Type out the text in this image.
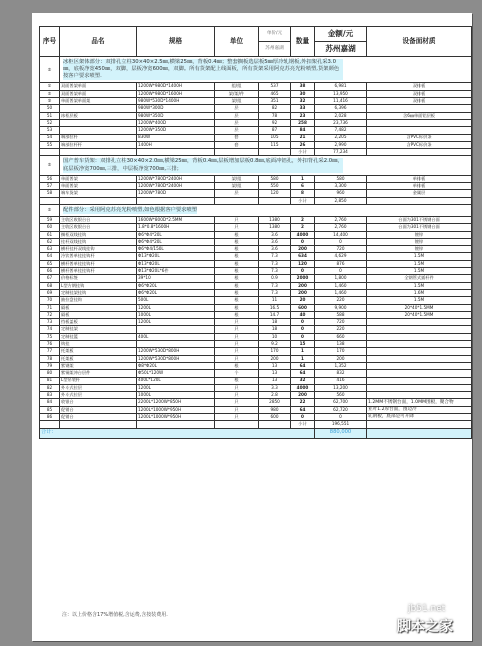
序号	品名	规格	单位	单价/元	数量	金额/元	设备面材质
				苏州嘉湖		苏州嘉湖	
②	冰柜区架体部分：双排孔立柱30×40×2.5㎜,横梁25㎜，背板0.4㎜；整套搁板选层板5㎜厚冷轧钢板,外扣架孔采3.0㎜，底板净宽450㎜，双脚，层板净宽600㎜，双脚。所有货架配上线面板，所有货架采用阿克苏亮光粉喷塑,货架颜色按客户要求喷塑.						
①	双面普架单面	1200W*980D*1400H	组/组	537	38	6,981	双排板
②	双面普架单面	1200W*980D*1600H	架/架/件	465	30	13,950	双排板
③	单面普架单面架	980W*530D*1400H	架/组	351	32	11,416	双排板
50		980W*300D	层	82	33	6,396	
51	冰柜层板	980W*350D	层	78	23	2,028	含6㎜单面铝层板
52		1200W*400D	层	92	258	23,736	
53		1200W*350D	层	87	84	7,482	
54	端部拉杆	830W	套	105	21	2,205	含PVC标价条
55	端部拉杆杆	1400H	套	115	26	2,990	含PVC标价条
					小计	77,234	
②	国产普车货架：双排孔立柱30×40×2.0㎜,横梁25㎜，背板0.4㎜,层板增加层板0.8㎜,底面冲铝孔，外扣背孔采2.0㎜，底层板净宽700㎜,三排，中层板净宽700㎜,三排；						
56	单面普架	1200W*780D*2400H	架/组	580	1	580	单排板
57	单面普架	1200W*780D*2400H	架/组	550	6	3,300	单排板
58	端车货架	1200W*780D	层	120	8	960	金属层
					小计	2,850	
②	配件部分：采用阿克苏亮光粉喷塑,如色根据客户要求喷塑						
59	主收区收银台台	1600W*800D*2.5MM	只	1380	2	2,760	台面为301不锈钢台面
60	主收区收银台台	1.8*0.8*1600H	只	1380	2	2,760	台面为301不锈钢台面
61	搁柜双线挂钩	Φ6*Φ4*20L	根	3.6	4000	14,400	镀锌
62	挂杆双线挂钩	Φ6*Φ4*20L	根	3.6	0	0	镀锌
63	横杆挂杆双线挂钩	Φ6*Φ4/150L	根	3.6	200	720	镀锌
64	冷饮普单挂挂钩杆	Φ13*Φ20L	根	7.3	634	4,629	1.5M
65	横杆普单挂挂钩杆	Φ13*Φ20L	根	7.3	120	876	1.5M
66	横杆普单挂挂钩杆	Φ13*Φ20L*6件	根	7.3	0	0	1.5M
67	价格标签	39*10	根	0.9	2000	1,800	全钢管式插杆件
68	L型方钢挂钩	Φ6*Φ20L	根	7.3	200	1,460	1.5M
69	定制挂架挂钩	Φ6*Φ20L	根	7.3	200	1,460	1.6M
70	抽拉盘挂钩	500L	根	11	20	220	1.5M
71	隔板	1200L	根	16.5	600	9,900	20*40*1.5MM
72	隔板	1000L	根	14.7	40	588	20*40*1.5MM
73	挡板盖板	1200L	只	18	0	720	
74	定制挂架		只	18	0	220	
75	定制挂篮	400L	只	10	0	660	
76	钩挂		只	9.2	15	138	
77	托架板	1200W*530D*800H	只	170	1	170	
78	托架板	1200W*530D*800H	只	200	1	200	
79	紫钢架	Φ8*Φ20L	根	13	64	1,352	
80	紫铜架冲台层件	Φ50L*120W	个	13	64	832	
81	L型吊装杆	400L*120L	根	13	32	416	
82	外斗式拉层	1200L	只	3.3	4000	13,200	
83	外斗式拉层	1000L	只	2.8	200	560	
84	收银台	2200L*1200W*850H	只	2850	22	62,700	1.2MM不锈钢台面，1.0MM围板，聚合物
85	促销台	1200L*1000W*950H	只	980	64	62,720	亚叶1.2厚台面，围边冷
86	促销台	1200L*1000W*950H	只	600	0	0	轧钢板，底部是可升降
					小计	196,551	
合计：						880,000	
注：以上价格含17%增值税,含运费,含按装费用.
jb51.net
脚本之家
